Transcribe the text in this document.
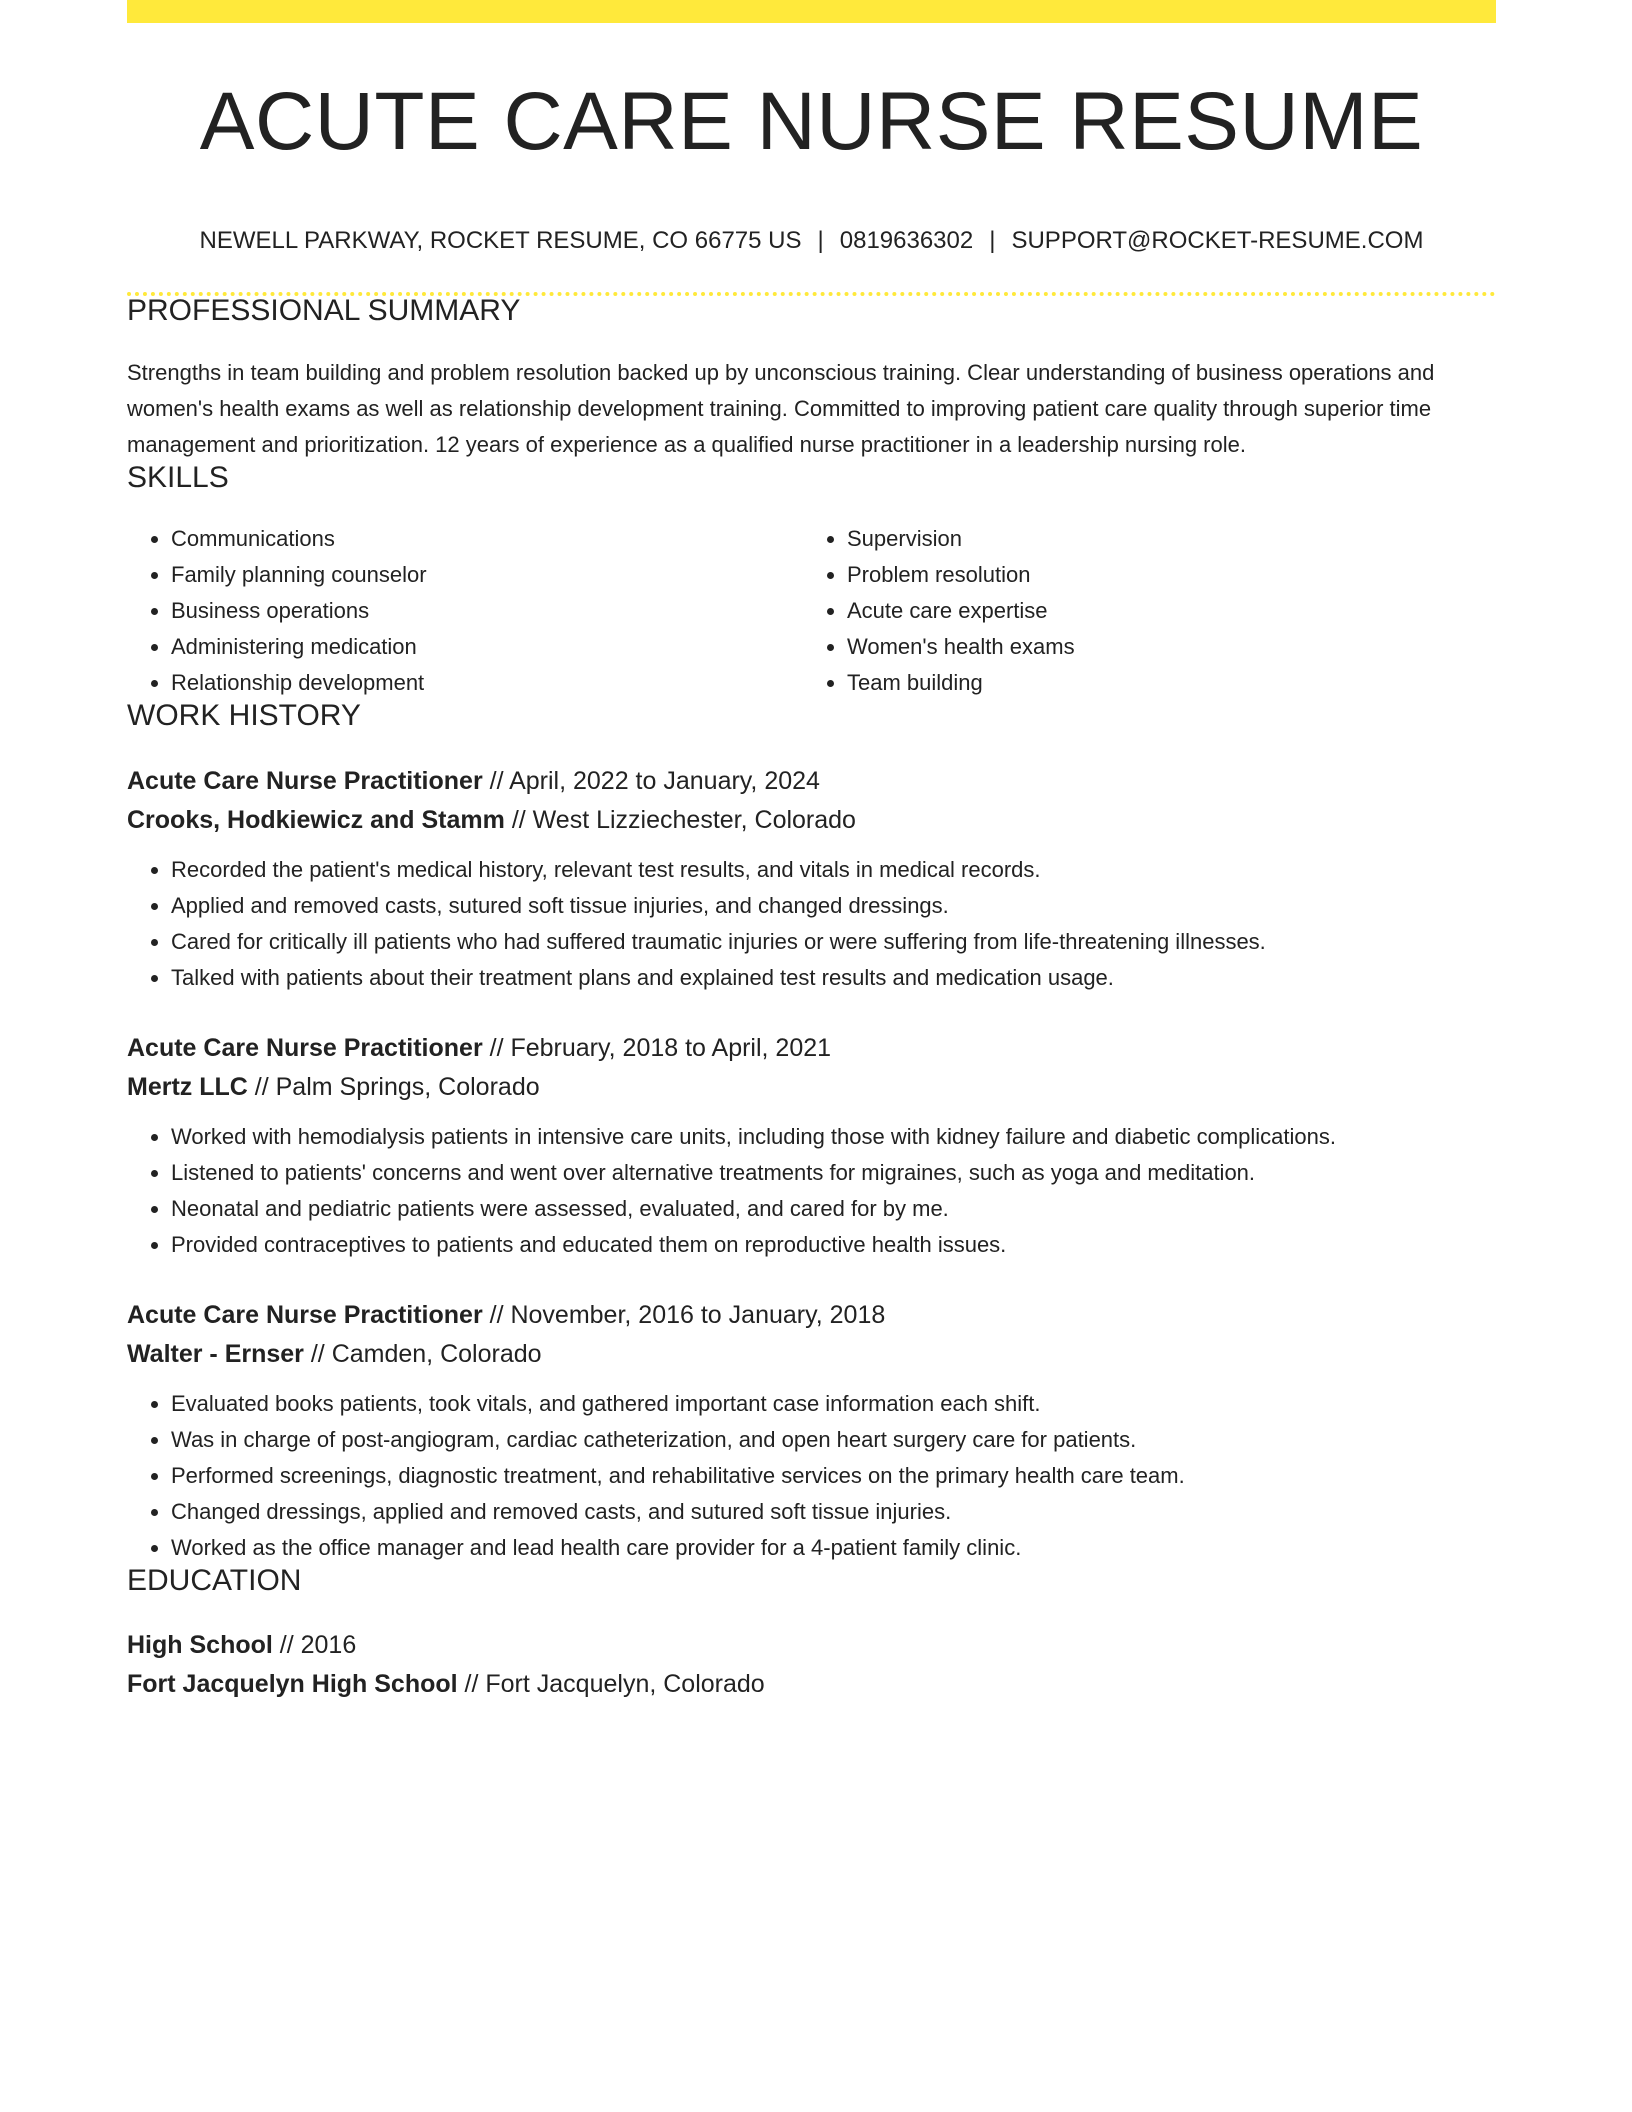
ACUTE CARE NURSE RESUME
NEWELL PARKWAY, ROCKET RESUME, CO 66775 US | 0819636302 | SUPPORT@ROCKET-RESUME.COM
PROFESSIONAL SUMMARY
Strengths in team building and problem resolution backed up by unconscious training. Clear understanding of business operations and women's health exams as well as relationship development training. Committed to improving patient care quality through superior time management and prioritization. 12 years of experience as a qualified nurse practitioner in a leadership nursing role.
SKILLS
• Communications
• Family planning counselor
• Business operations
• Administering medication
• Relationship development
• Supervision
• Problem resolution
• Acute care expertise
• Women's health exams
• Team building
WORK HISTORY
Acute Care Nurse Practitioner // April, 2022 to January, 2024
Crooks, Hodkiewicz and Stamm // West Lizziechester, Colorado
• Recorded the patient's medical history, relevant test results, and vitals in medical records.
• Applied and removed casts, sutured soft tissue injuries, and changed dressings.
• Cared for critically ill patients who had suffered traumatic injuries or were suffering from life-threatening illnesses.
• Talked with patients about their treatment plans and explained test results and medication usage.
Acute Care Nurse Practitioner // February, 2018 to April, 2021
Mertz LLC // Palm Springs, Colorado
• Worked with hemodialysis patients in intensive care units, including those with kidney failure and diabetic complications.
• Listened to patients' concerns and went over alternative treatments for migraines, such as yoga and meditation.
• Neonatal and pediatric patients were assessed, evaluated, and cared for by me.
• Provided contraceptives to patients and educated them on reproductive health issues.
Acute Care Nurse Practitioner // November, 2016 to January, 2018
Walter - Ernser // Camden, Colorado
• Evaluated books patients, took vitals, and gathered important case information each shift.
• Was in charge of post-angiogram, cardiac catheterization, and open heart surgery care for patients.
• Performed screenings, diagnostic treatment, and rehabilitative services on the primary health care team.
• Changed dressings, applied and removed casts, and sutured soft tissue injuries.
• Worked as the office manager and lead health care provider for a 4-patient family clinic.
EDUCATION
High School // 2016
Fort Jacquelyn High School // Fort Jacquelyn, Colorado
